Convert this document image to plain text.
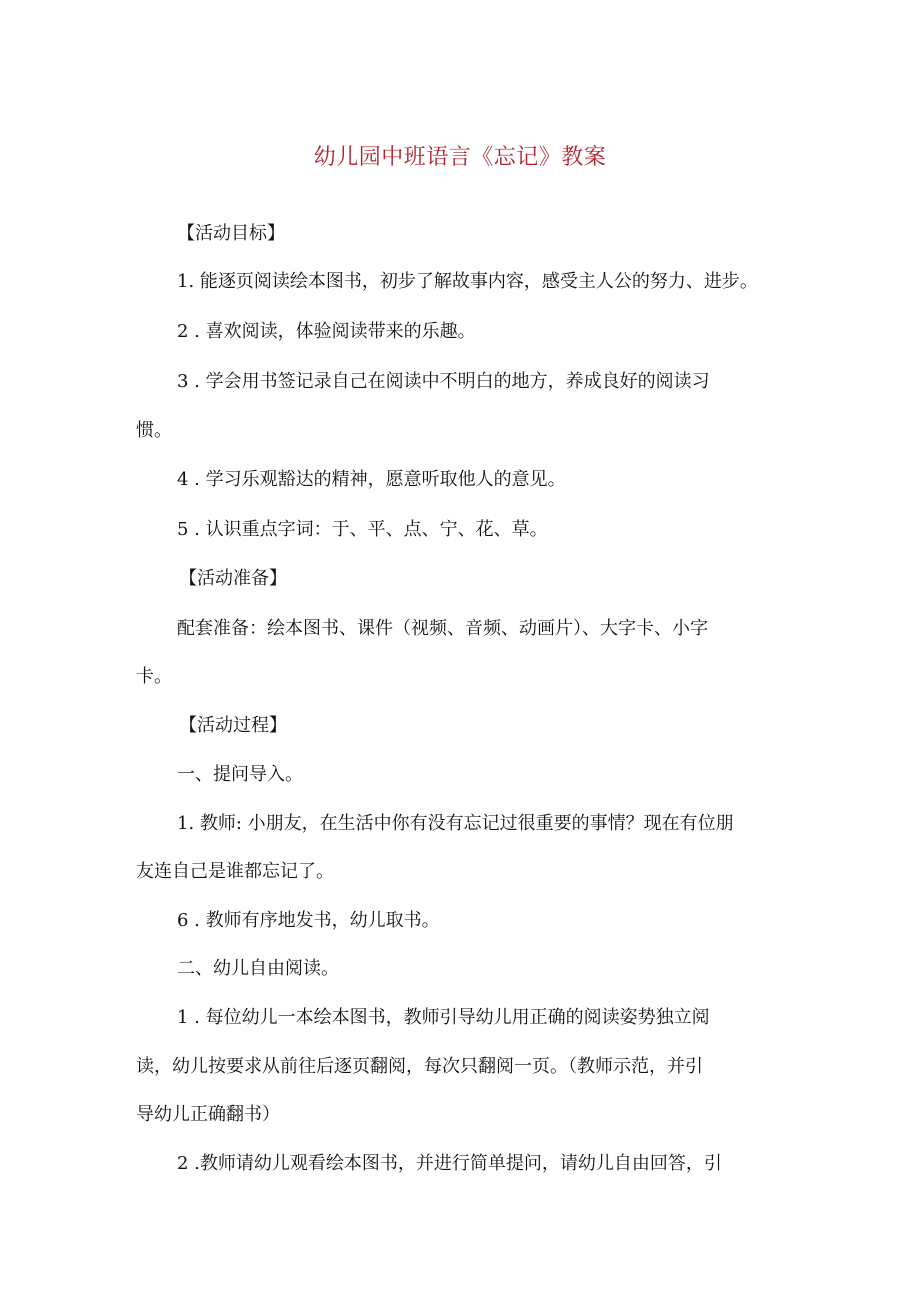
幼儿园中班语言《忘记》教案
【活动目标】
1. 能逐页阅读绘本图书，初步了解故事内容，感受主人公的努力、进步。
2 . 喜欢阅读，体验阅读带来的乐趣。
3 . 学会用书签记录自己在阅读中不明白的地方，养成良好的阅读习
惯。
4 . 学习乐观豁达的精神，愿意听取他人的意见。
5 . 认识重点字词：于、平、点、宁、花、草。
【活动准备】
配套准备：绘本图书、课件（视频、音频、动画片）、大字卡、小字
卡。
【活动过程】
一、提问导入。
1. 教师: 小朋友，在生活中你有没有忘记过很重要的事情？现在有位朋
友连自己是谁都忘记了。
6 . 教师有序地发书，幼儿取书。
二、幼儿自由阅读。
1 . 每位幼儿一本绘本图书，教师引导幼儿用正确的阅读姿势独立阅
读，幼儿按要求从前往后逐页翻阅，每次只翻阅一页。（教师示范，并引
导幼儿正确翻书）
2 .教师请幼儿观看绘本图书，并进行简单提问，请幼儿自由回答，引
